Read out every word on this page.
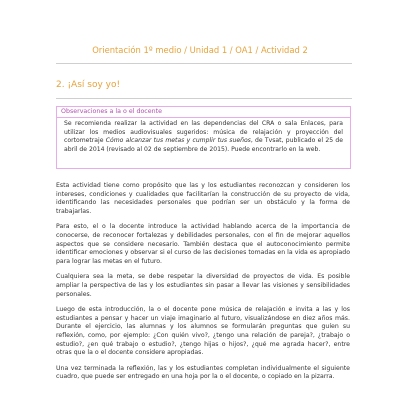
Orientación 1º medio / Unidad 1 / OA1 / Actividad 2
2. ¡Así soy yo!
Observaciones a la o el docente
Se recomienda realizar la actividad en las dependencias del CRA o sala Enlaces, para utilizar los medios audiovisuales sugeridos: música de relajación y proyección del cortometraje Cómo alcanzar tus metas y cumplir tus sueños, de Tvsat, publicado el 25 de abril de 2014 (revisado al 02 de septiembre de 2015). Puede encontrarlo en la web.

Esta actividad tiene como propósito que las y los estudiantes reconozcan y consideren los intereses, condiciones y cualidades que facilitarían la construcción de su proyecto de vida, identificando las necesidades personales que podrían ser un obstáculo y la forma de trabajarlas.

Para esto, el o la docente introduce la actividad hablando acerca de la importancia de conocerse, de reconocer fortalezas y debilidades personales, con el fin de mejorar aquellos aspectos que se considere necesario. También destaca que el autoconocimiento permite identificar emociones y observar si el curso de las decisiones tomadas en la vida es apropiado para lograr las metas en el futuro.

Cualquiera sea la meta, se debe respetar la diversidad de proyectos de vida. Es posible ampliar la perspectiva de las y los estudiantes sin pasar a llevar las visiones y sensibilidades personales.

Luego de esta introducción, la o el docente pone música de relajación e invita a las y los estudiantes a pensar y hacer un viaje imaginario al futuro, visualizándose en diez años más. Durante el ejercicio, las alumnas y los alumnos se formularán preguntas que guíen su reflexión, como, por ejemplo: ¿Con quién vivo?, ¿tengo una relación de pareja?, ¿trabajo o estudio?, ¿en qué trabajo o estudio?, ¿tengo hijas o hijos?, ¿qué me agrada hacer?, entre otras que la o el docente considere apropiadas.

Una vez terminada la reflexión, las y los estudiantes completan individualmente el siguiente cuadro, que puede ser entregado en una hoja por la o el docente, o copiado en la pizarra.
